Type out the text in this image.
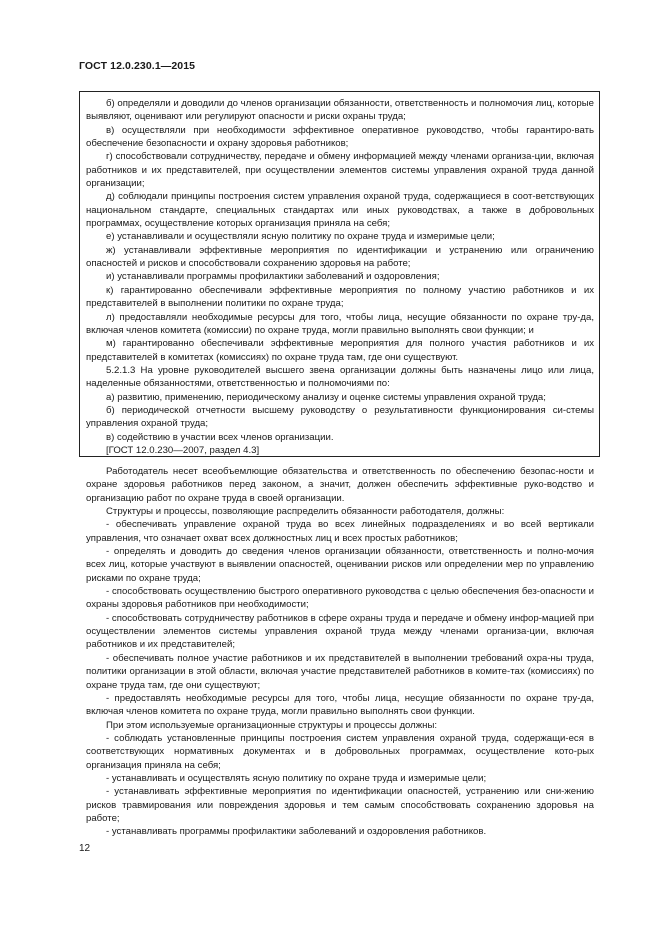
ГОСТ 12.0.230.1—2015

б) определяли и доводили до членов организации обязанности, ответственность и полномочия лиц, которые выявляют, оценивают или регулируют опасности и риски охраны труда;

в) осуществляли при необходимости эффективное оперативное руководство, чтобы гарантиро-вать обеспечение безопасности и охрану здоровья работников;

г) способствовали сотрудничеству, передаче и обмену информацией между членами организа-ции, включая работников и их представителей, при осуществлении элементов системы управления охраной труда данной организации;

д) соблюдали принципы построения систем управления охраной труда, содержащиеся в соот-ветствующих национальном стандарте, специальных стандартах или иных руководствах, а также в добровольных программах, осуществление которых организация приняла на себя;

е) устанавливали и осуществляли ясную политику по охране труда и измеримые цели;

ж) устанавливали эффективные мероприятия по идентификации и устранению или ограничению опасностей и рисков и способствовали сохранению здоровья на работе;

и) устанавливали программы профилактики заболеваний и оздоровления;

к) гарантированно обеспечивали эффективные мероприятия по полному участию работников и их представителей в выполнении политики по охране труда;

л) предоставляли необходимые ресурсы для того, чтобы лица, несущие обязанности по охране тру-да, включая членов комитета (комиссии) по охране труда, могли правильно выполнять свои функции; и

м) гарантированно обеспечивали эффективные мероприятия для полного участия работников и их представителей в комитетах (комиссиях) по охране труда там, где они существуют.

5.2.1.3 На уровне руководителей высшего звена организации должны быть назначены лицо или лица, наделенные обязанностями, ответственностью и полномочиями по:

а) развитию, применению, периодическому анализу и оценке системы управления охраной труда;

б) периодической отчетности высшему руководству о результативности функционирования си-стемы управления охраной труда;

в) содействию в участии всех членов организации.

[ГОСТ 12.0.230—2007, раздел 4.3]

Работодатель несет всеобъемлющие обязательства и ответственность по обеспечению безопас-ности и охране здоровья работников перед законом, а значит, должен обеспечить эффективные руко-водство и организацию работ по охране труда в своей организации.

Структуры и процессы, позволяющие распределить обязанности работодателя, должны:

- обеспечивать управление охраной труда во всех линейных подразделениях и во всей вертикали управления, что означает охват всех должностных лиц и всех простых работников;

- определять и доводить до сведения членов организации обязанности, ответственность и полно-мочия всех лиц, которые участвуют в выявлении опасностей, оценивании рисков или определении мер по управлению рисками по охране труда;

- способствовать осуществлению быстрого оперативного руководства с целью обеспечения без-опасности и охраны здоровья работников при необходимости;

- способствовать сотрудничеству работников в сфере охраны труда и передаче и обмену инфор-мацией при осуществлении элементов системы управления охраной труда между членами организа-ции, включая работников и их представителей;

- обеспечивать полное участие работников и их представителей в выполнении требований охра-ны труда, политики организации в этой области, включая участие представителей работников в комите-тах (комиссиях) по охране труда там, где они существуют;

- предоставлять необходимые ресурсы для того, чтобы лица, несущие обязанности по охране тру-да, включая членов комитета по охране труда, могли правильно выполнять свои функции.

При этом используемые организационные структуры и процессы должны:

- соблюдать установленные принципы построения систем управления охраной труда, содержащи-еся в соответствующих нормативных документах и в добровольных программах, осуществление кото-рых организация приняла на себя;

- устанавливать и осуществлять ясную политику по охране труда и измеримые цели;

- устанавливать эффективные мероприятия по идентификации опасностей, устранению или сни-жению рисков травмирования или повреждения здоровья и тем самым способствовать сохранению здоровья на работе;

- устанавливать программы профилактики заболеваний и оздоровления работников.

12
